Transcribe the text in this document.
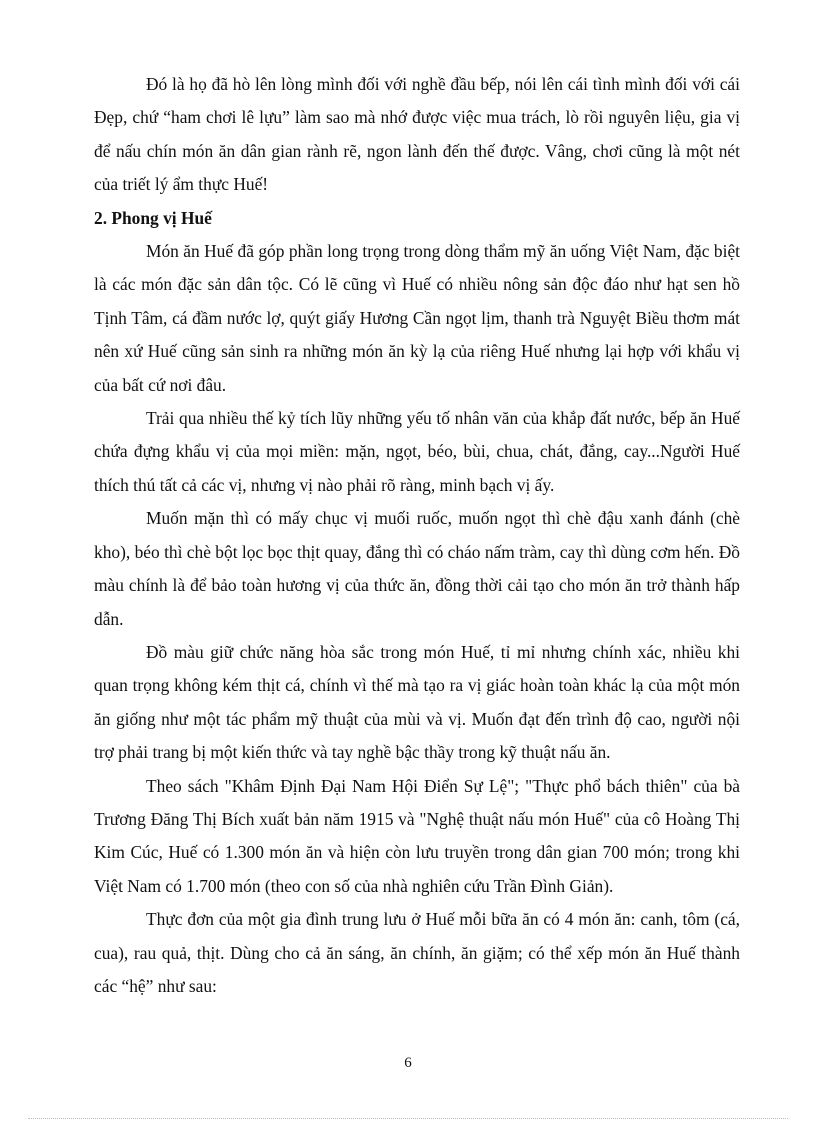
Đó là họ đã hò lên lòng mình đối với nghề đầu bếp, nói lên cái tình mình đối với cái Đẹp, chứ “ham chơi lê lựu” làm sao mà nhớ được việc mua trách, lò rồi nguyên liệu, gia vị để nấu chín món ăn dân gian rành rẽ, ngon lành đến thế được. Vâng, chơi cũng là một nét của triết lý ẩm thực Huế!

2. Phong vị Huế

Món ăn Huế đã góp phần long trọng trong dòng thẩm mỹ ăn uống Việt Nam, đặc biệt là các món đặc sản dân tộc. Có lẽ cũng vì Huế có nhiều nông sản độc đáo như hạt sen hồ Tịnh Tâm, cá đầm nước lợ, quýt giấy Hương Cần ngọt lịm, thanh trà Nguyệt Biều thơm mát nên xứ Huế cũng sản sinh ra những món ăn kỳ lạ của riêng Huế nhưng lại hợp với khẩu vị của bất cứ nơi đâu.

Trải qua nhiều thế kỷ tích lũy những yếu tố nhân văn của khắp đất nước, bếp ăn Huế chứa đựng khẩu vị của mọi miền: mặn, ngọt, béo, bùi, chua, chát, đắng, cay...Người Huế thích thú tất cả các vị, nhưng vị nào phải rõ ràng, minh bạch vị ấy.

Muốn mặn thì có mấy chục vị muối ruốc, muốn ngọt thì chè đậu xanh đánh (chè kho), béo thì chè bột lọc bọc thịt quay, đắng thì có cháo nấm tràm, cay thì dùng cơm hến. Đồ màu chính là để bảo toàn hương vị của thức ăn, đồng thời cải tạo cho món ăn trở thành hấp dẫn.

Đồ màu giữ chức năng hòa sắc trong món Huế, tỉ mỉ nhưng chính xác, nhiều khi quan trọng không kém thịt cá, chính vì thế mà tạo ra vị giác hoàn toàn khác lạ của một món ăn giống như một tác phẩm mỹ thuật của mùi và vị. Muốn đạt đến trình độ cao, người nội trợ phải trang bị một kiến thức và tay nghề bậc thầy trong kỹ thuật nấu ăn.

Theo sách "Khâm Định Đại Nam Hội Điển Sự Lệ"; "Thực phổ bách thiên" của bà Trương Đăng Thị Bích xuất bản năm 1915 và "Nghệ thuật nấu món Huế" của cô Hoàng Thị Kim Cúc, Huế có 1.300 món ăn và hiện còn lưu truyền trong dân gian 700 món; trong khi Việt Nam có 1.700 món (theo con số của nhà nghiên cứu Trần Đình Giản).

Thực đơn của một gia đình trung lưu ở Huế mỗi bữa ăn có 4 món ăn: canh, tôm (cá, cua), rau quả, thịt. Dùng cho cả ăn sáng, ăn chính, ăn giặm; có thể xếp món ăn Huế thành các “hệ” như sau:

6
